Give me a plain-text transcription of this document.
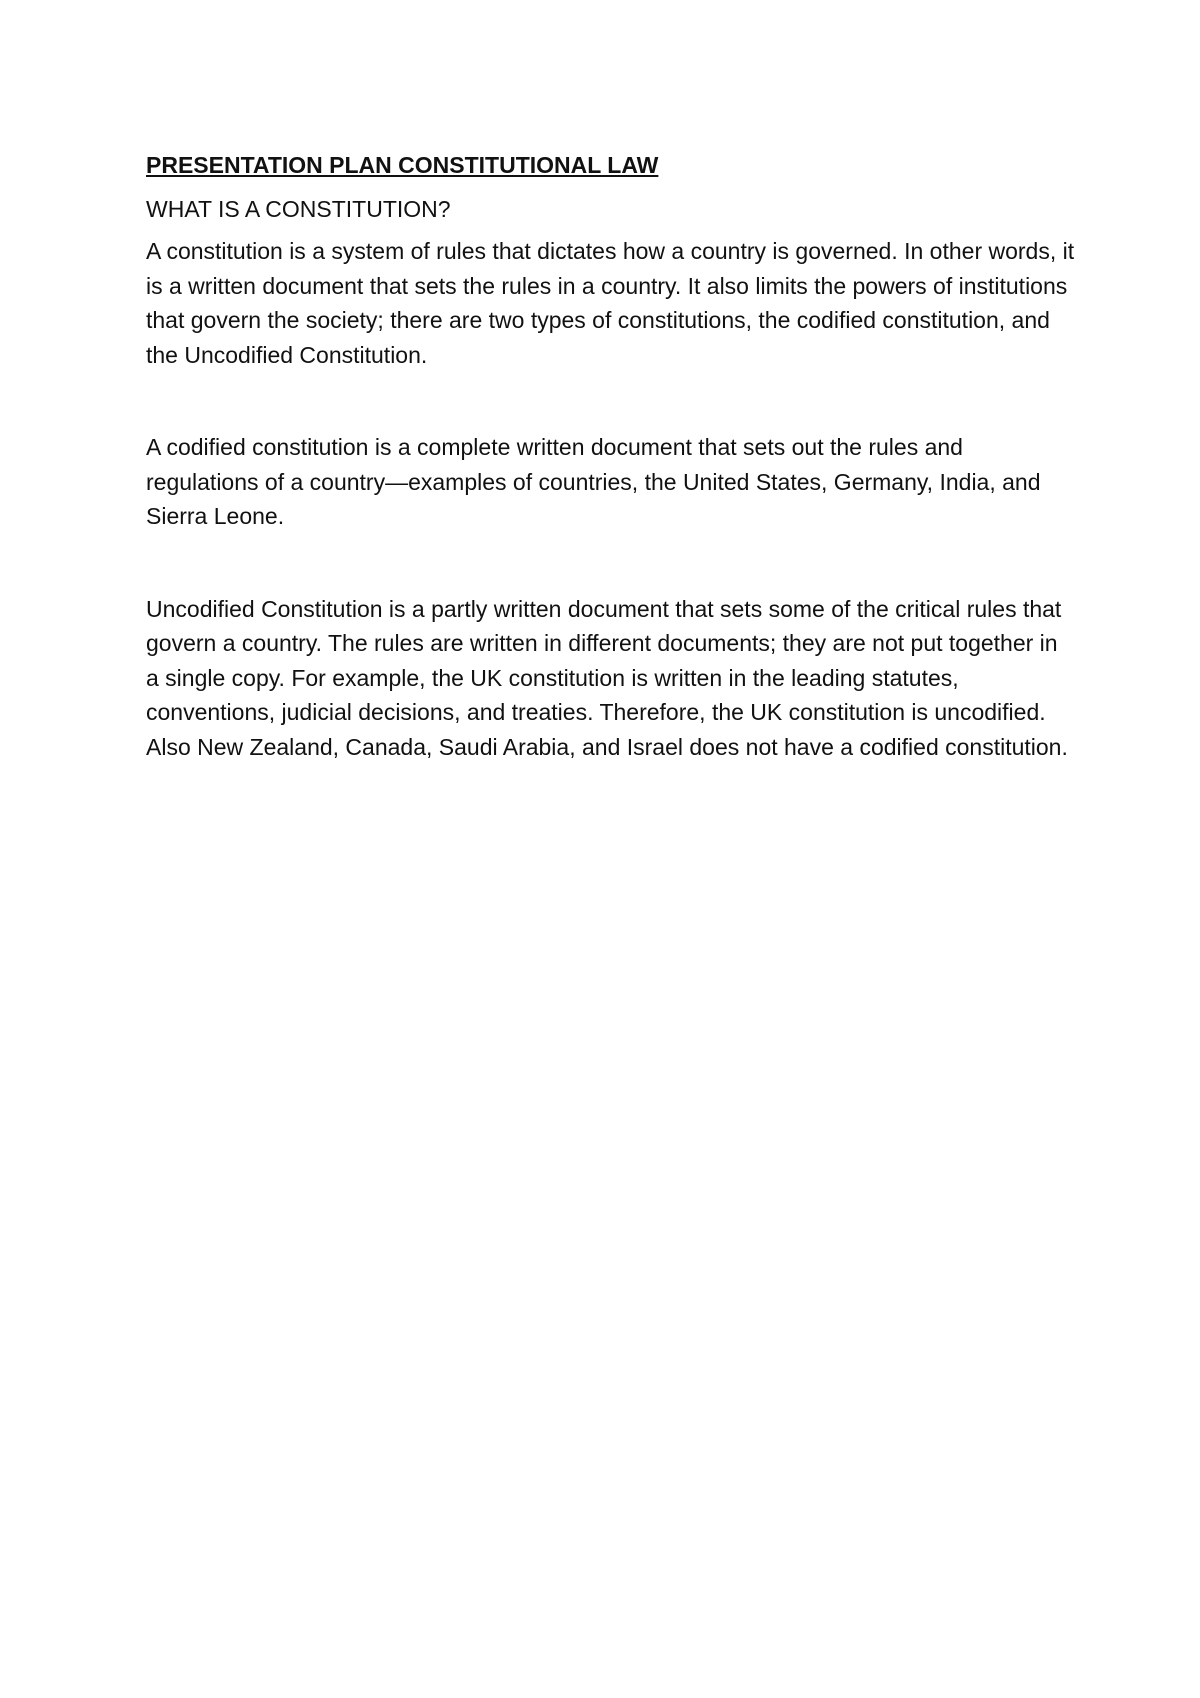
PRESENTATION PLAN CONSTITUTIONAL LAW
WHAT IS A CONSTITUTION?

A constitution is a system of rules that dictates how a country is governed. In other words, it is a written document that sets the rules in a country. It also limits the powers of institutions that govern the society; there are two types of constitutions, the codified constitution, and the Uncodified Constitution.

A codified constitution is a complete written document that sets out the rules and regulations of a country—examples of countries, the United States, Germany, India, and Sierra Leone.

Uncodified Constitution is a partly written document that sets some of the critical rules that govern a country. The rules are written in different documents; they are not put together in a single copy. For example, the UK constitution is written in the leading statutes, conventions, judicial decisions, and treaties. Therefore, the UK constitution is uncodified. Also New Zealand, Canada, Saudi Arabia, and Israel does not have a codified constitution.
